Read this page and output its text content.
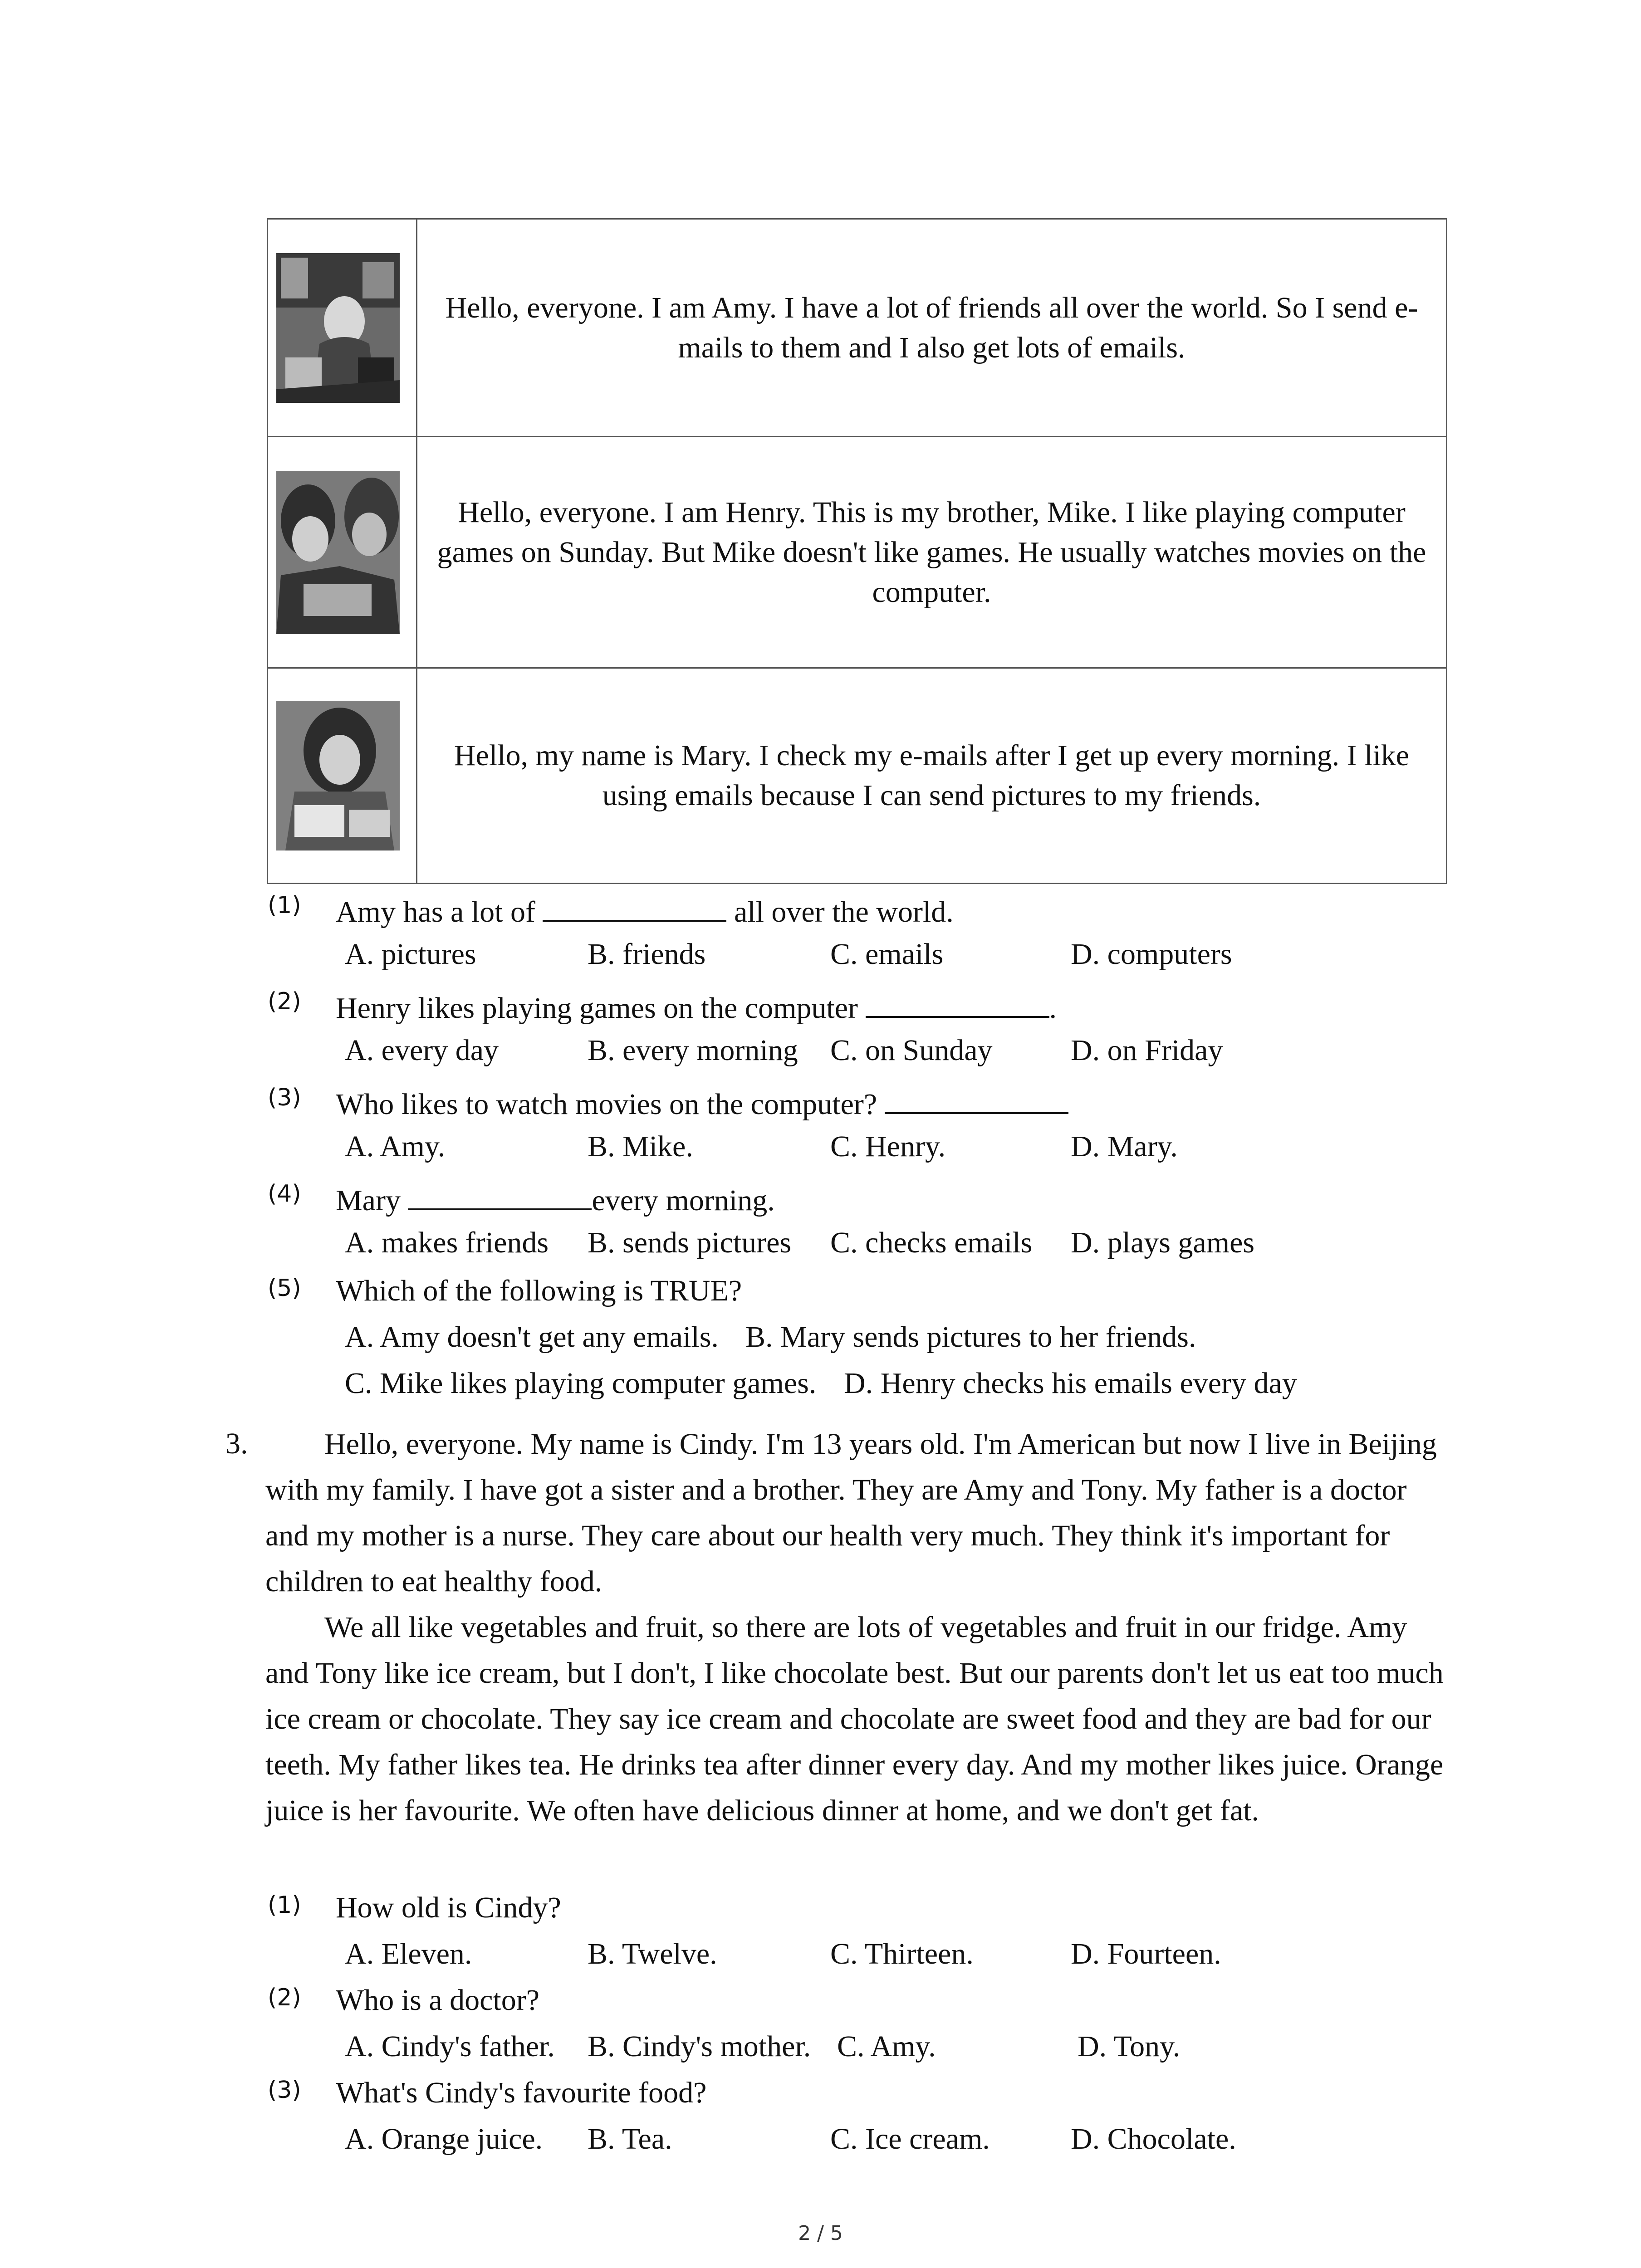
	Hello, everyone. I am Amy. I have a lot of friends all over the world. So I send e-mails to them and I also get lots of emails.

	Hello, everyone. I am Henry. This is my brother, Mike. I like playing computer games on Sunday. But Mike doesn't like games. He usually watches movies on the computer.

	Hello, my name is Mary. I check my e-mails after I get up every morning. I like using emails because I can send pictures to my friends.
(1) Amy has a lot of	all over the world.
A. pictures	B. friends	C. emails	D. computers
(2) Henry likes playing games on the computer	.
A. every day	B. every morning C. on Sunday	D. on Friday
(3) Who likes to watch movies on the computer?
A. Amy.	B. Mike.	C. Henry.	D. Mary.
(4) Mary	every morning.
A. makes friends B. sends pictures C. checks emails D. plays games
(5) Which of the following is TRUE?
A. Amy doesn't get any emails. B. Mary sends pictures to her friends.
C. Mike likes playing computer games. D. Henry checks his emails every day
3.	Hello, everyone. My name is Cindy. I'm 13 years old. I'm American but now I live in Beijing with my family. I have got a sister and a brother. They are Amy and Tony. My father is a doctor and my mother is a nurse. They care about our health very much. They think it's important for children to eat healthy food.
We all like vegetables and fruit, so there are lots of vegetables and fruit in our fridge. Amy and Tony like ice cream, but I don't, I like chocolate best. But our parents don't let us eat too much ice cream or chocolate. They say ice cream and chocolate are sweet food and they are bad for our teeth. My father likes tea. He drinks tea after dinner every day. And my mother likes juice. Orange juice is her favourite. We often have delicious dinner at home, and we don't get fat.
(1) How old is Cindy?
A. Eleven.	B. Twelve.	C. Thirteen.	D. Fourteen.
(2) Who is a doctor?
A. Cindy's father. B. Cindy's mother. C. Amy.	D. Tony.
(3) What's Cindy's favourite food?
A. Orange juice. B. Tea.	C. Ice cream.	D. Chocolate.
2 / 5
